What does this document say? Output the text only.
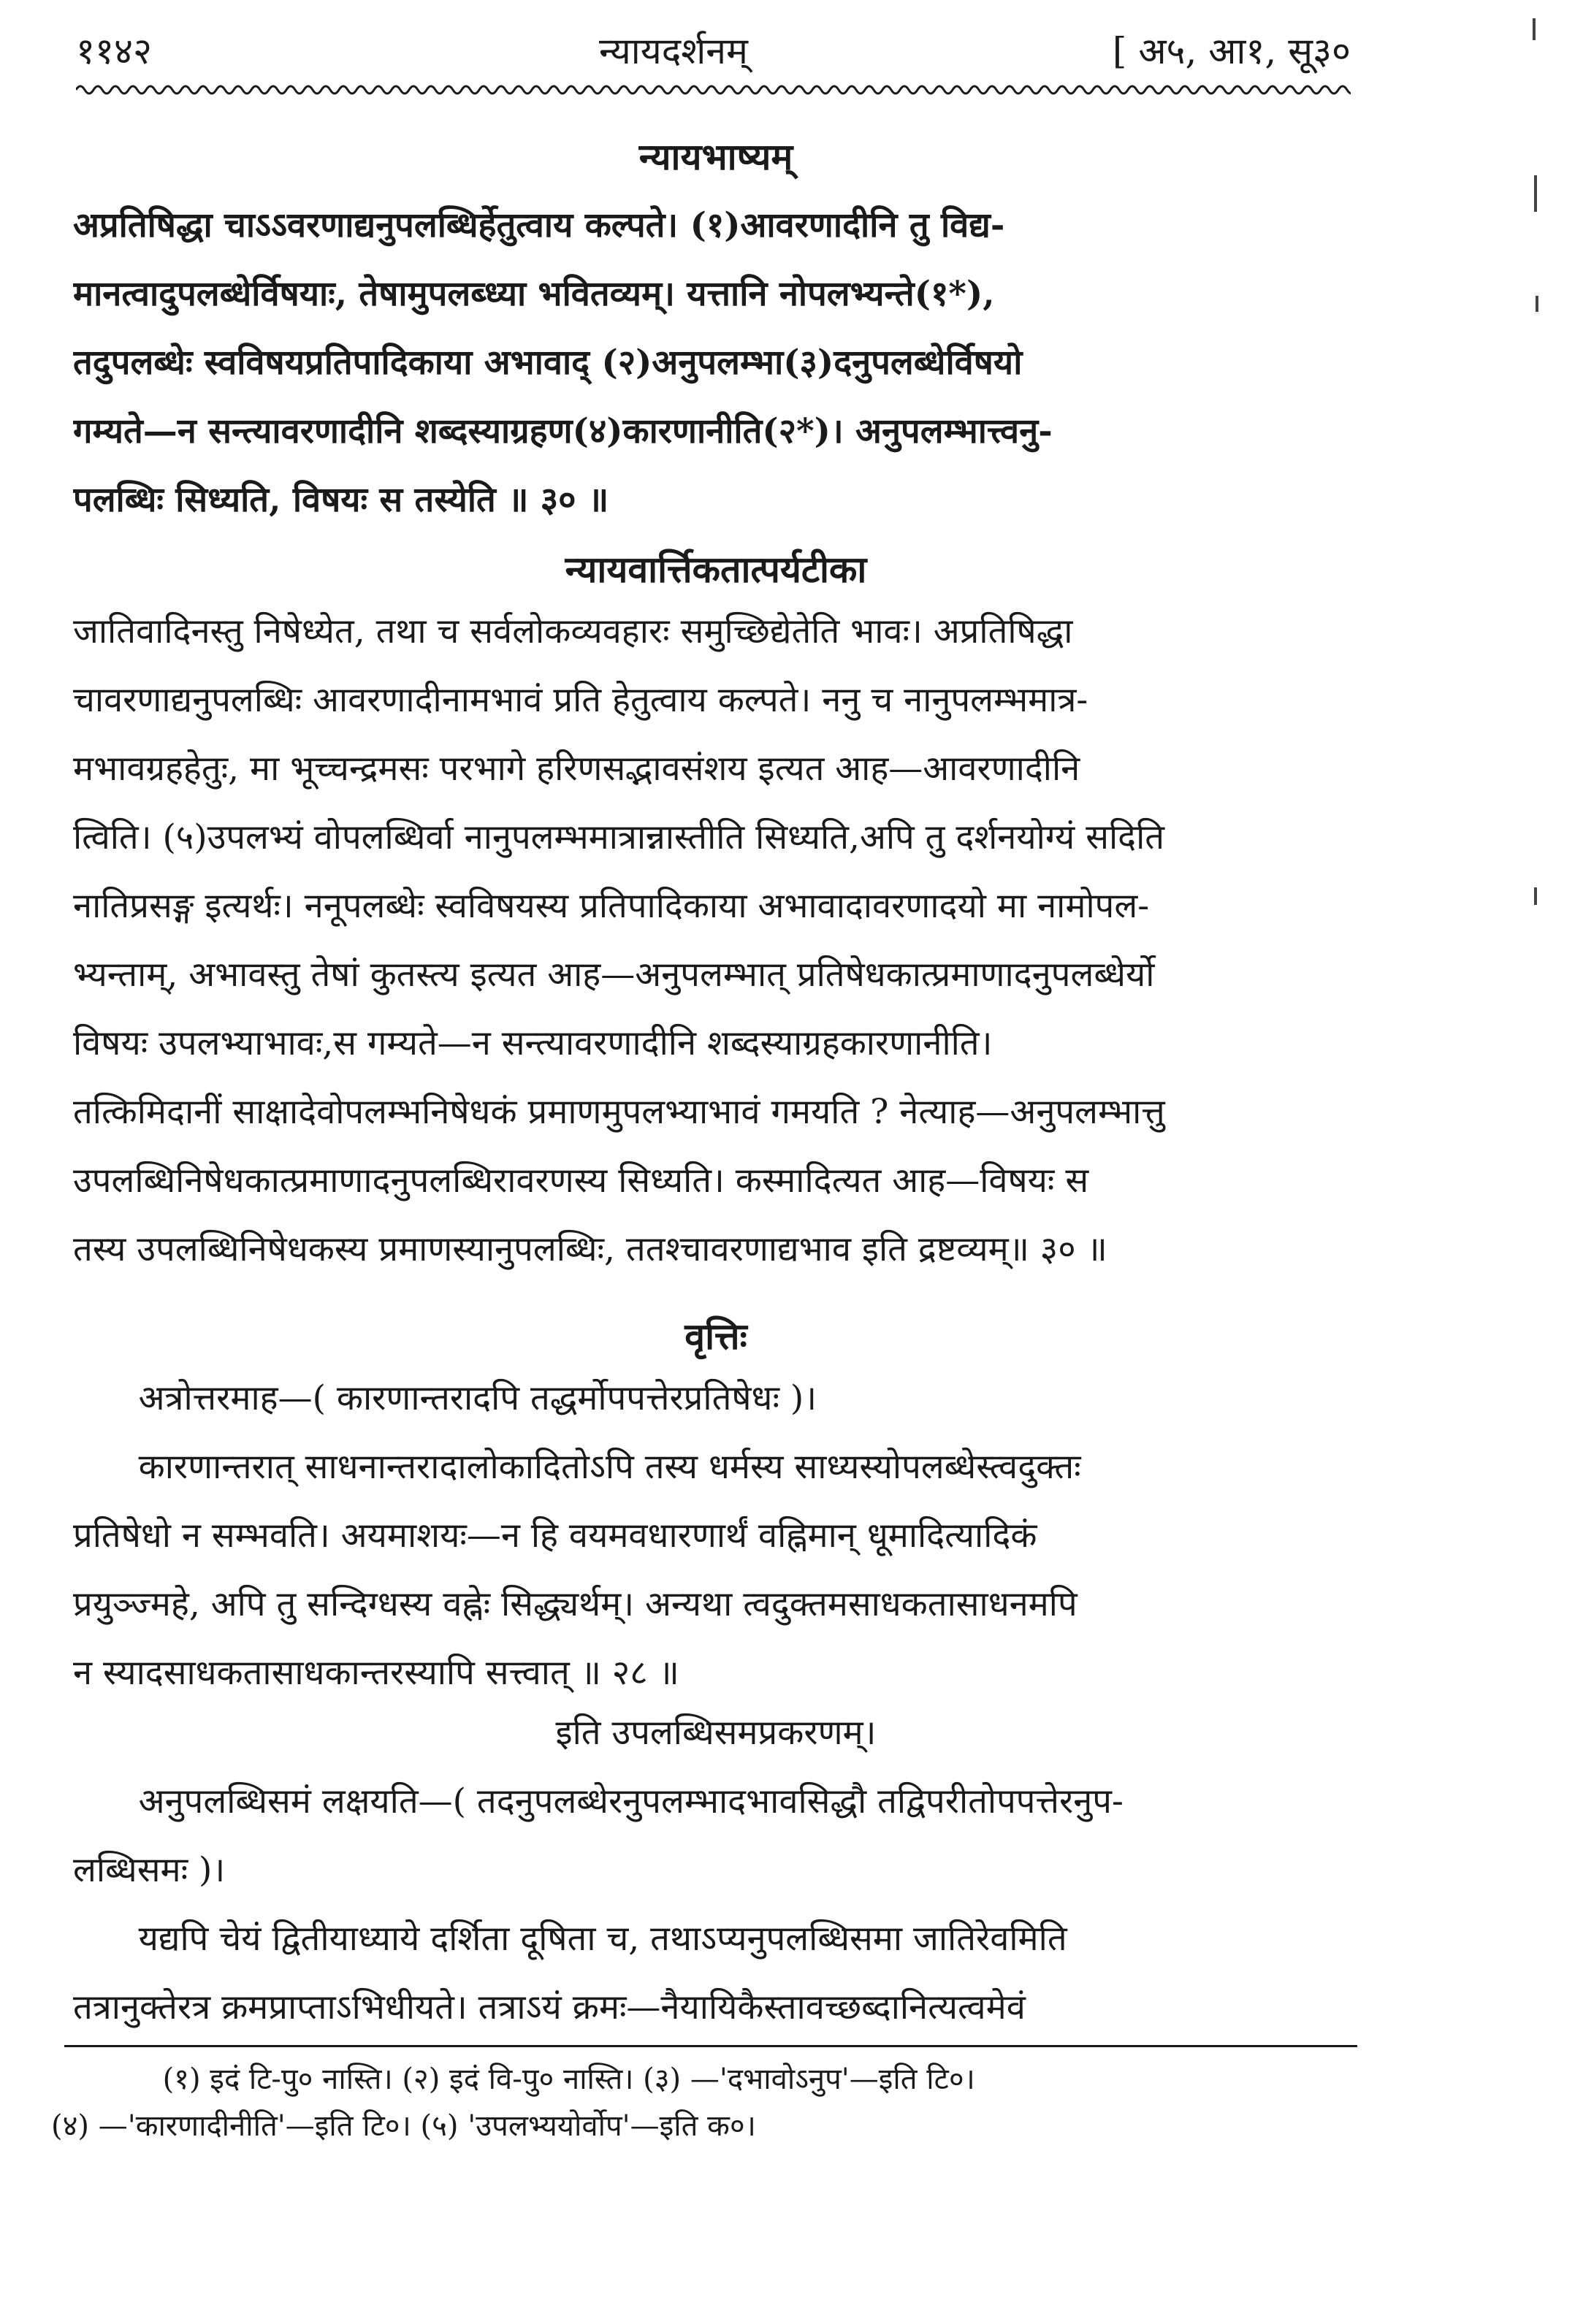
११४२	न्यायदर्शनम्	[ अ५, आ१, सू३०
न्यायभाष्यम्
अप्रतिषिद्धा चाऽऽवरणाद्यनुपलब्धिर्हेतुत्वाय कल्पते। (१)आवरणादीनि तु विद्य-
मानत्वादुपलब्धेर्विषयाः, तेषामुपलब्ध्या भवितव्यम्। यत्तानि नोपलभ्यन्ते(१*),
तदुपलब्धेः स्वविषयप्रतिपादिकाया अभावाद् (२)अनुपलम्भा(३)दनुपलब्धेर्विषयो
गम्यते—न सन्त्यावरणादीनि शब्दस्याग्रहण(४)कारणानीति(२*)। अनुपलम्भात्त्वनु-
पलब्धिः सिध्यति, विषयः स तस्येति ॥ ३० ॥
न्यायवार्त्तिकतात्पर्यटीका
जातिवादिनस्तु निषेध्येत, तथा च सर्वलोकव्यवहारः समुच्छिद्येतेति भावः। अप्रतिषिद्धा
चावरणाद्यनुपलब्धिः आवरणादीनामभावं प्रति हेतुत्वाय कल्पते। ननु च नानुपलम्भमात्र-
मभावग्रहहेतुः, मा भूच्चन्द्रमसः परभागे हरिणसद्भावसंशय इत्यत आह—आवरणादीनि
त्विति। (५)उपलभ्यं वोपलब्धिर्वा नानुपलम्भमात्रान्नास्तीति सिध्यति,अपि तु दर्शनयोग्यं सदिति
नातिप्रसङ्ग इत्यर्थः। ननूपलब्धेः स्वविषयस्य प्रतिपादिकाया अभावादावरणादयो मा नामोपल-
भ्यन्ताम्, अभावस्तु तेषां कुतस्त्य इत्यत आह—अनुपलम्भात् प्रतिषेधकात्प्रमाणादनुपलब्धेर्यो
विषयः उपलभ्याभावः,स गम्यते—न सन्त्यावरणादीनि शब्दस्याग्रहकारणानीति।
तत्किमिदानीं साक्षादेवोपलम्भनिषेधकं प्रमाणमुपलभ्याभावं गमयति ? नेत्याह—अनुपलम्भात्तु
उपलब्धिनिषेधकात्प्रमाणादनुपलब्धिरावरणस्य सिध्यति। कस्मादित्यत आह—विषयः स
तस्य उपलब्धिनिषेधकस्य प्रमाणस्यानुपलब्धिः, ततश्चावरणाद्यभाव इति द्रष्टव्यम्॥ ३० ॥
वृत्तिः
अत्रोत्तरमाह—( कारणान्तरादपि तद्धर्मोपपत्तेरप्रतिषेधः )।
कारणान्तरात् साधनान्तरादालोकादितोऽपि तस्य धर्मस्य साध्यस्योपलब्धेस्त्वदुक्तः
प्रतिषेधो न सम्भवति। अयमाशयः—न हि वयमवधारणार्थं वह्निमान् धूमादित्यादिकं
प्रयुञ्ज्महे, अपि तु सन्दिग्धस्य वह्नेः सिद्ध्यर्थम्। अन्यथा त्वदुक्तमसाधकतासाधनमपि
न स्यादसाधकतासाधकान्तरस्यापि सत्त्वात् ॥ २८ ॥
इति उपलब्धिसमप्रकरणम्।
अनुपलब्धिसमं लक्षयति—( तदनुपलब्धेरनुपलम्भादभावसिद्धौ तद्विपरीतोपपत्तेरनुप-
लब्धिसमः )।
यद्यपि चेयं द्वितीयाध्याये दर्शिता दूषिता च, तथाऽप्यनुपलब्धिसमा जातिरेवमिति
तत्रानुक्तेरत्र क्रमप्राप्ताऽभिधीयते। तत्राऽयं क्रमः—नैयायिकैस्तावच्छब्दानित्यत्वमेवं
(१) इदं टि-पु० नास्ति। (२) इदं वि-पु० नास्ति। (३) —'दभावोऽनुप'—इति टि०।
(४) —'कारणादीनीति'—इति टि०। (५) 'उपलभ्ययोर्वोप'—इति क०।
